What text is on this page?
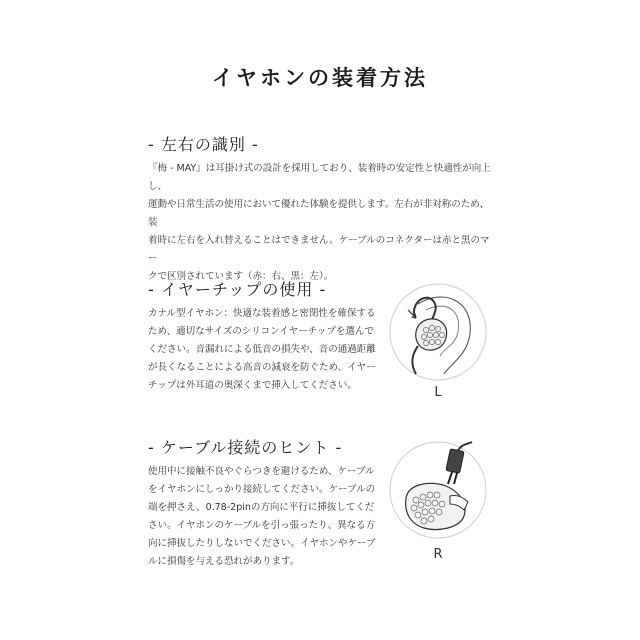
イヤホンの装着方法
- 左右の識別 -
『梅 - MAY』は耳掛け式の設計を採用しており、装着時の安定性と快適性が向上し、
運動や日常生活の使用において優れた体験を提供します。左右が非対称のため、装
着時に左右を入れ替えることはできません。ケーブルのコネクターは赤と黒のマー
クで区別されています（赤：右、黒：左）。
- イヤーチップの使用 -
カナル型イヤホン：快適な装着感と密閉性を確保する
ため、適切なサイズのシリコンイヤーチップを選んで
ください。音漏れによる低音の損失や、音の通過距離
が長くなることによる高音の減衰を防ぐため、イヤー
チップは外耳道の奥深くまで挿入してください。	L
- ケーブル接続のヒント -
使用中に接触不良やぐらつきを避けるため、ケーブル
をイヤホンにしっかり接続してください。ケーブルの
端を押さえ、0.78-2pinの方向に平行に挿抜してくだ
さい。イヤホンのケーブルを引っ張ったり、異なる方
向に挿抜したりしないでください。イヤホンやケーブ
ルに損傷を与える恐れがあります。	R
